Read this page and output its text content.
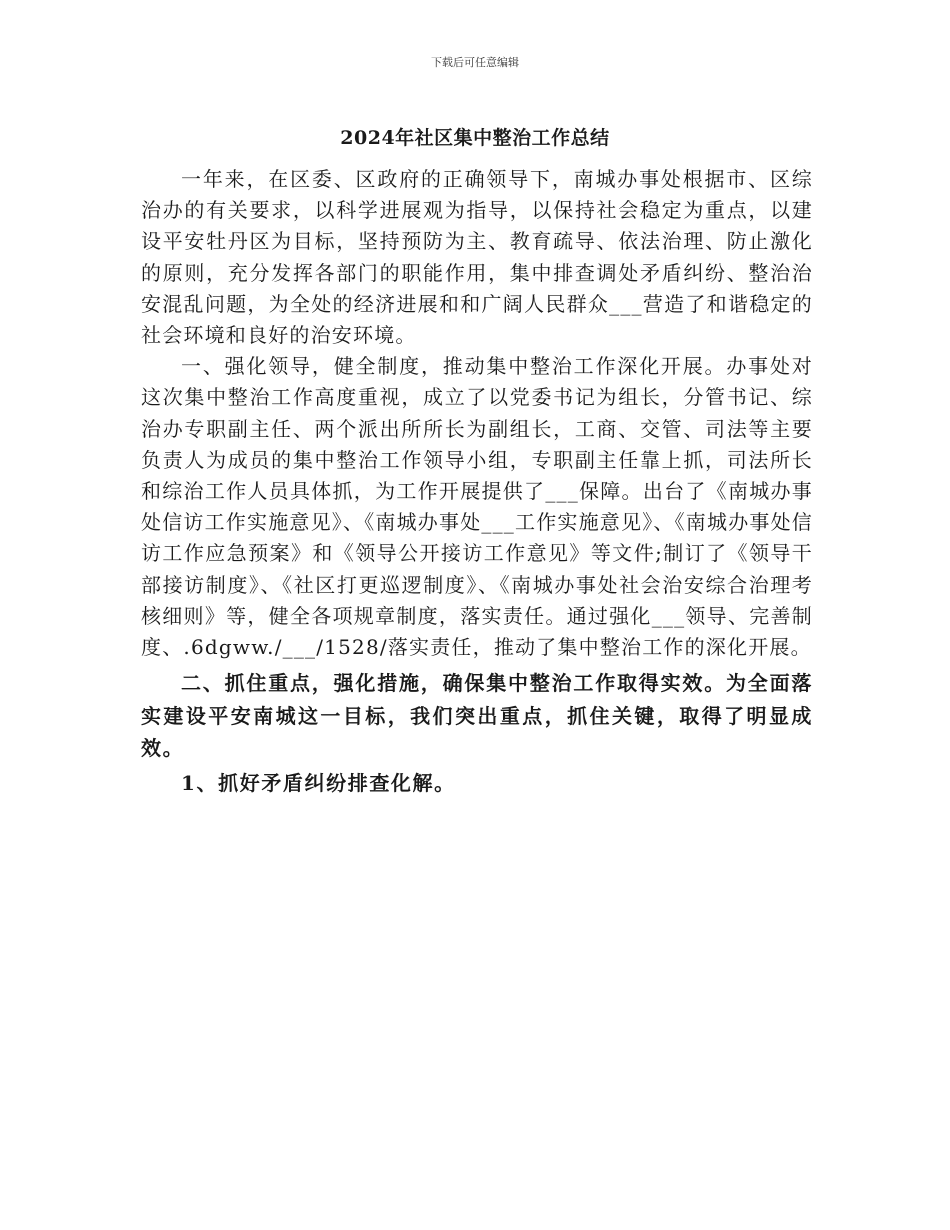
下载后可任意编辑
2024年社区集中整治工作总结

一年来，在区委、区政府的正确领导下，南城办事处根据市、区综治办的有关要求，以科学进展观为指导，以保持社会稳定为重点，以建设平安牡丹区为目标，坚持预防为主、教育疏导、依法治理、防止激化的原则，充分发挥各部门的职能作用，集中排查调处矛盾纠纷、整治治安混乱问题，为全处的经济进展和和广阔人民群众___营造了和谐稳定的社会环境和良好的治安环境。

一、强化领导，健全制度，推动集中整治工作深化开展。办事处对这次集中整治工作高度重视，成立了以党委书记为组长，分管书记、综治办专职副主任、两个派出所所长为副组长，工商、交管、司法等主要负责人为成员的集中整治工作领导小组，专职副主任靠上抓，司法所长和综治工作人员具体抓，为工作开展提供了___保障。出台了《南城办事处信访工作实施意见》、《南城办事处___工作实施意见》、《南城办事处信访工作应急预案》和《领导公开接访工作意见》等文件;制订了《领导干部接访制度》、《社区打更巡逻制度》、《南城办事处社会治安综合治理考核细则》等，健全各项规章制度，落实责任。通过强化___领导、完善制度、.6dgww./___/1528/落实责任，推动了集中整治工作的深化开展。

二、抓住重点，强化措施，确保集中整治工作取得实效。为全面落实建设平安南城这一目标，我们突出重点，抓住关键，取得了明显成效。

1、抓好矛盾纠纷排查化解。
